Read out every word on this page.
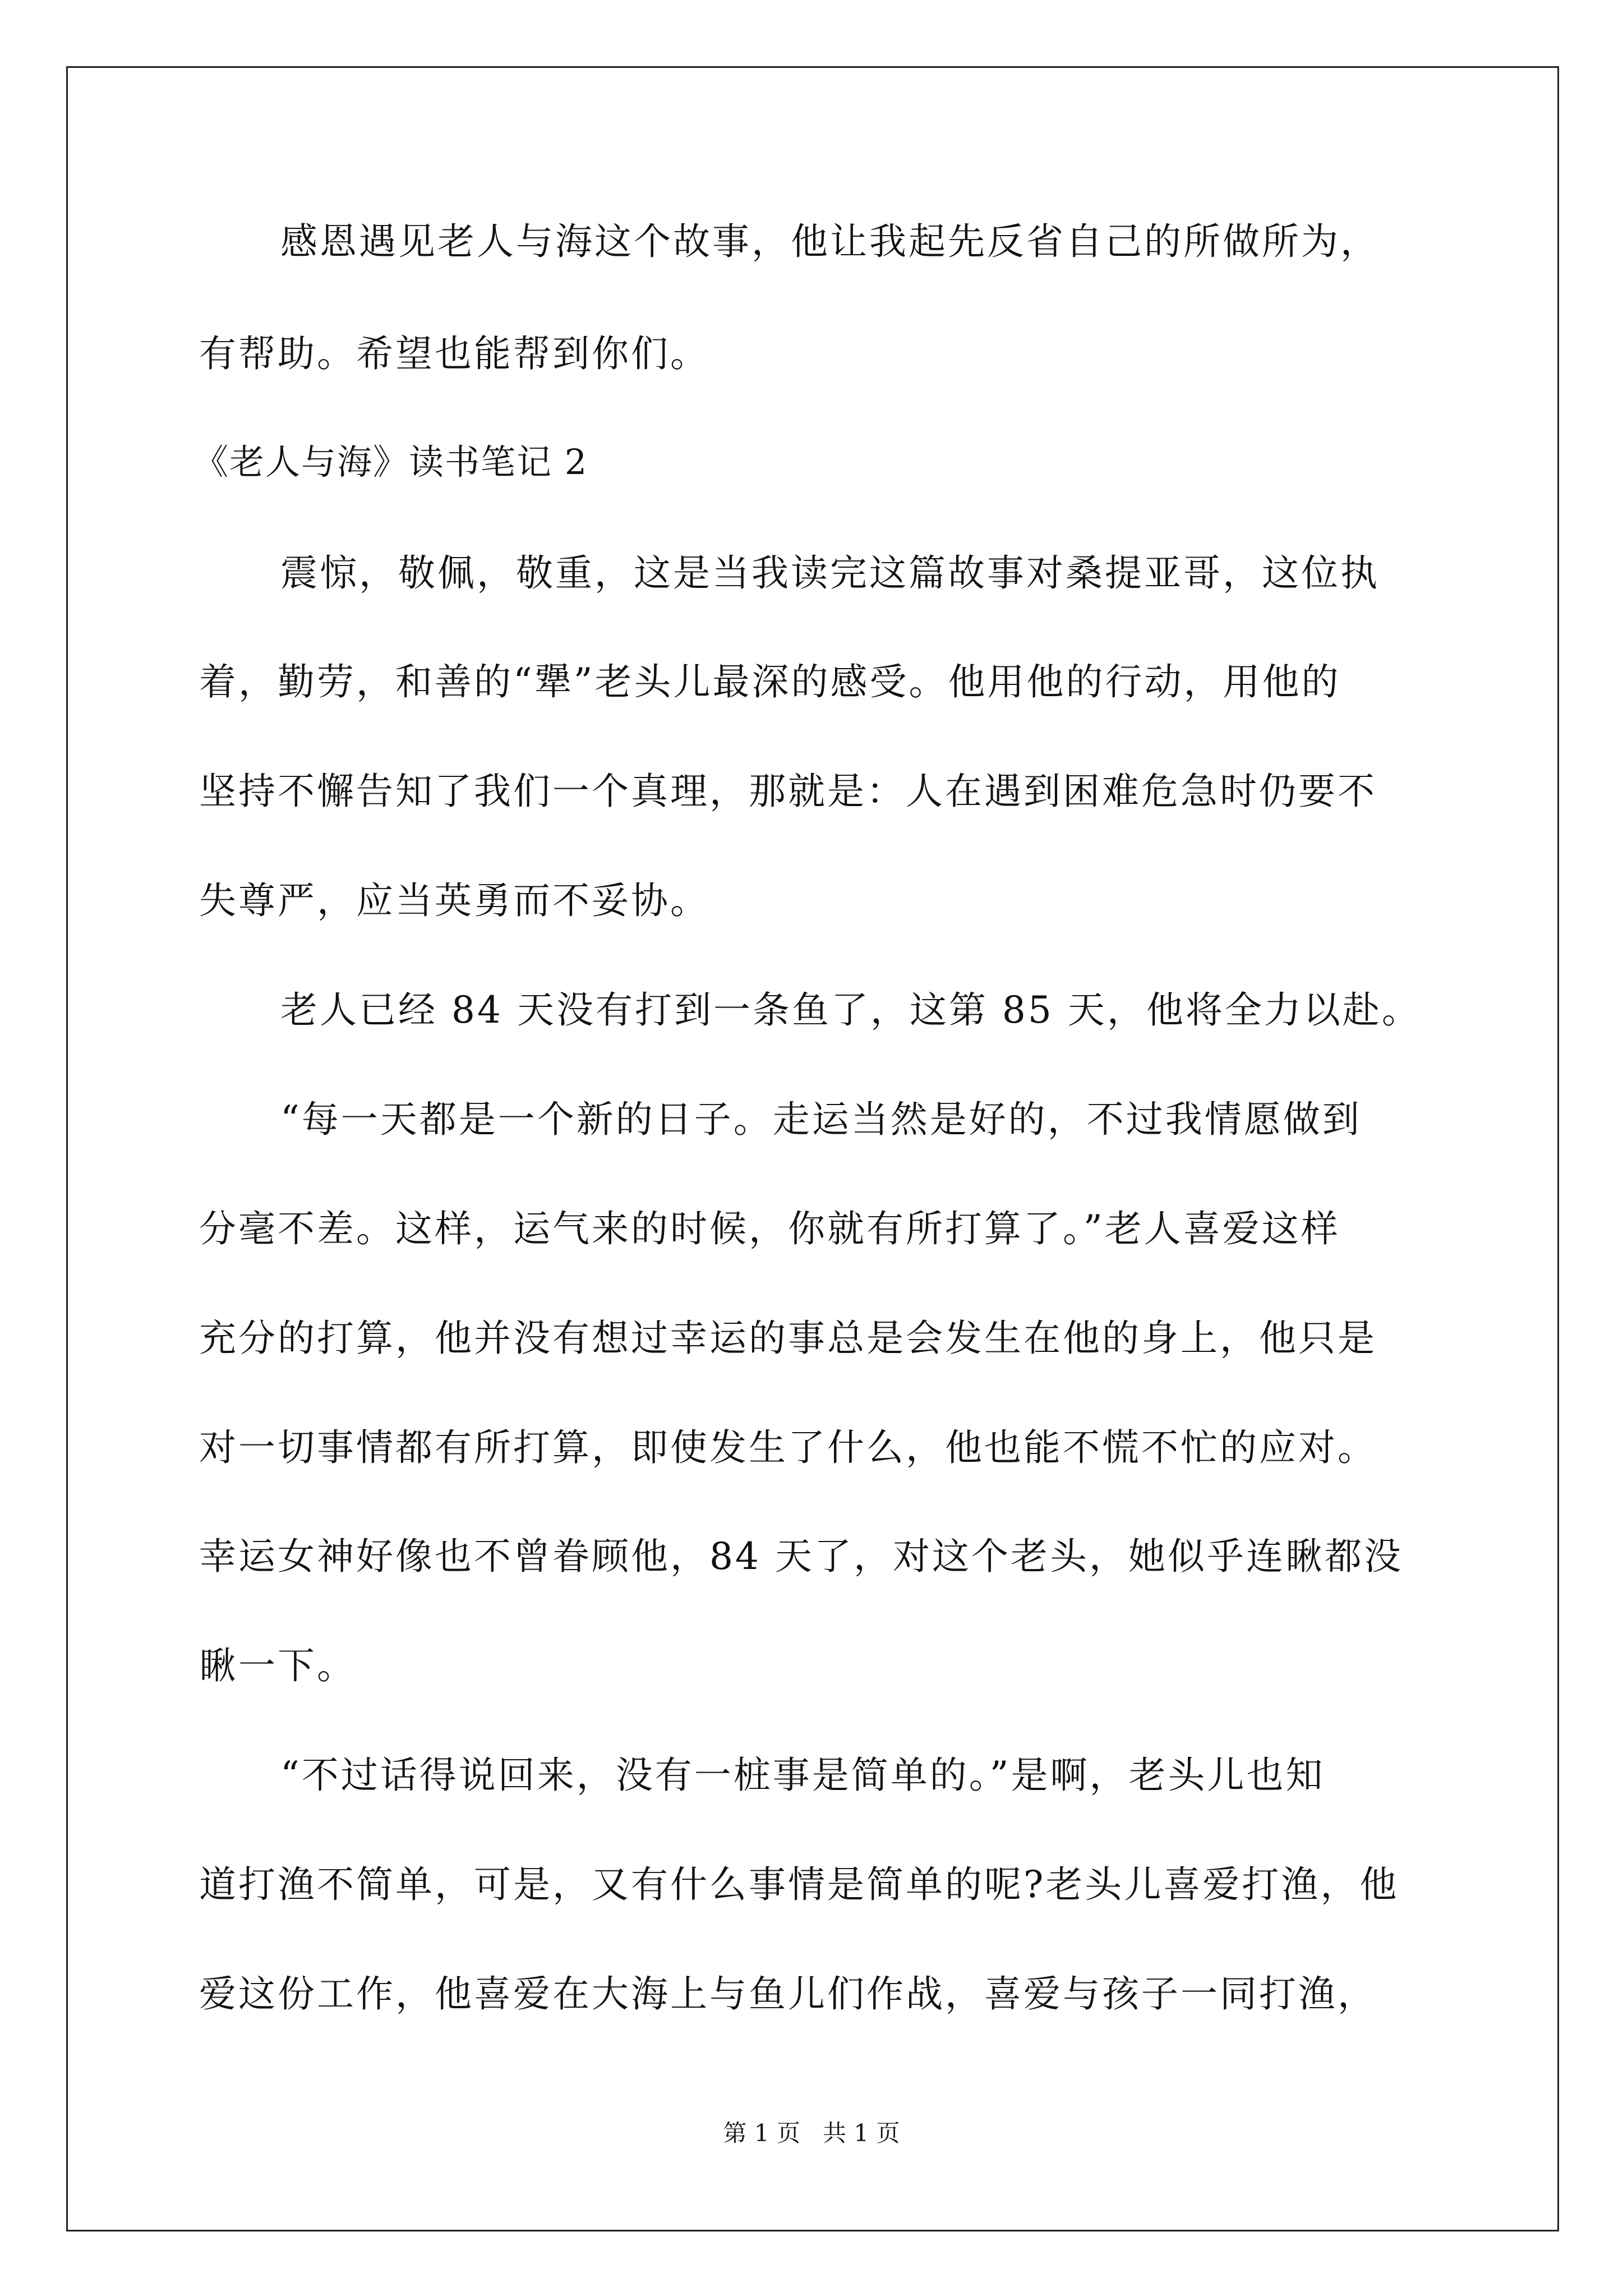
感恩遇见老人与海这个故事，他让我起先反省自己的所做所为，
有帮助。希望也能帮到你们。
《老人与海》读书笔记 2
震惊，敬佩，敬重，这是当我读完这篇故事对桑提亚哥，这位执
着，勤劳，和善的“犟”老头儿最深的感受。他用他的行动，用他的
坚持不懈告知了我们一个真理，那就是：人在遇到困难危急时仍要不
失尊严，应当英勇而不妥协。
老人已经 84 天没有打到一条鱼了，这第 85 天，他将全力以赴。
“每一天都是一个新的日子。走运当然是好的，不过我情愿做到
分毫不差。这样，运气来的时候，你就有所打算了。”老人喜爱这样
充分的打算，他并没有想过幸运的事总是会发生在他的身上，他只是
对一切事情都有所打算，即使发生了什么，他也能不慌不忙的应对。
幸运女神好像也不曾眷顾他，84 天了，对这个老头，她似乎连瞅都没
瞅一下。
“不过话得说回来，没有一桩事是简单的。”是啊，老头儿也知
道打渔不简单，可是，又有什么事情是简单的呢?老头儿喜爱打渔，他
爱这份工作，他喜爱在大海上与鱼儿们作战，喜爱与孩子一同打渔，
第 1 页   共 1 页
